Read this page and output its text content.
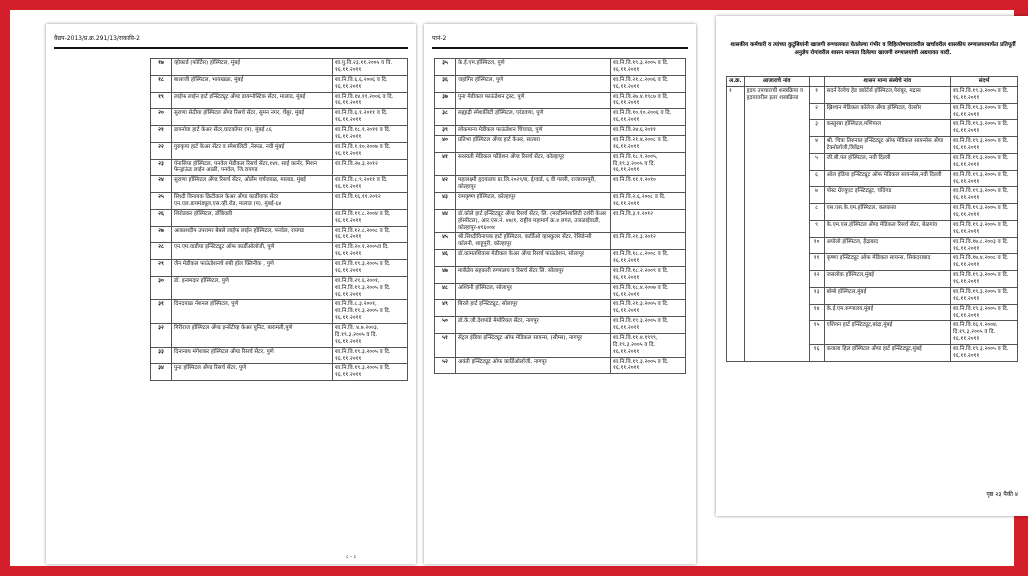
वैद्यप-2013/प्र.क्र.291/13/राकावि-2
१७	व्होकार्ड (फोर्टिस) हॉस्पिटल, मुंबई	शा.पु.वि.२३.११.२००५ व वि. १६.११.२०११
१८	बालाजी हॉस्पिटल, भायखळा, मुंबई	शा.नि.वि.६.६.२००६ व दि. १६.११.२०११
१९	लाईफ लाईन हार्ट इन्स्टिट्यूट अँण्ड डायग्नोस्टिक सेंटर, मालाड, मुंबई	शा.नि.वि.१४.११.२००६ व दि. १६.११.२०११
२०	सुराणा सेठीया हॉस्पिटल अँण्ड रिसर्च सेंटर, सुमन नगर, चेंबूर, मुंबई	शा.नि.वि.६.१.२०११ व दि. १६.११.२०११
२१	डायनोवा हार्ट केअर सेंटर,घाटकोपर (प), मुंबई ८६	शा.नि.वि.१८.१.२०११ व दि. १६.११.२०११
२२	गुरुकृपा हार्ट केअर सेंटर व स्पेशालिटी ,नेरूळ, नवी मुंबई	शा.नि.वि.१.१०.२००७ व दि. १६.११.२०११
२३	पॅनासिया हॉस्पिटल, पनवेल मेडीकल रिसर्च सेंटर,१४१, साई कार्नर, मिशन फेन्ड्रांऊंड लाईन आळी, पनवेल, जि.रायगड	शा.नि.वि.२७.३.२०१२
२४	सुराणा हॉस्पिटल अँण्ड रिसर्च सेंटर, ओर्लेम चर्चजवळ, मालाड, मुंबई	शा.नि.वि.८.९.२०११ व दि. १६.११.२०११
२५	सिध्दी विनायक क्रिटीकल केअर अँण्ड कार्डीयाक सेंटर एन.एल.डायमंड्यूल,एस.व्ही.रोड, मालाड (प), मुंबई-६४	शा.नि.वि.१६.११.२०१२
२६	शिरोडकर हॉस्पिटल, डोंबिवली	शा.नि.वि.१९.८.२००४ व दि. १६.११.२०११
२७	आकाशदीप उपरामर बेबले लाईफ लाईन हॉस्पिटल, पनवेल, रायगड	शा.नि.वि.१२.८.२००८ व दि. १६.११.२०११
२८	एन.एम.वाडीया इन्स्टिट्यूट ऑफ कार्डीओलॉजी, पुणे	शा.नि.वि.२०.१.२००५व दि. १६.११.२०११
२९	जैन मेडीकल फाऊंडेशनचे रुबी हॉल क्लिनीक , पुणे	शा.नि.वि.१९.३.२००५ व दि. १६.११.२०११
३०	डॉ. इनामदार हॉस्पिटल, पुणे	शा.नि.वि.२९.६.२००१, शा.नि.वि.१९.३.२००५ व दि. १६.११.२०११
३१	दिनदयाळ नॅशनल हॉस्पिटल, पुणे	शा.नि.वि.८.३.२००१, शा.नि.वि.१९.३.२००५ व दि. १६.११.२०११
३२	गिरीराज हॉस्पिटल अँण्ड इन्सेंटीव्ह केअर युनिट, बारामती,पुणे	शा.नि.वि. ४.७.२००३, दि.१९.३.२००५ व दि. १६.११.२०११
३३	दिनानाथ मंगेशकर हॉस्पिटल अँण्ड रिसर्च सेंटर, पुणे	शा.नि.वि.१९.३.२००५ व दि. १६.११.२०११
३४	पुना हॉस्पिटल अँण्ड रिसर्च सेंटर, पुणे	शा.नि.वि.१९.३.२००५ व दि. १६.११.२०११
८ - ८
पानं-2
३५	के.ई.एम.हॉस्पिटल, पुणे	शा.नि.वि.१९.३.२००५ व दि. १६.११.२०११
३६	जहांगिर हॉस्पिटल, पुणे	शा.नि.वि.२१.८.२००६ व दि. १६.११.२०११
३७	पुना मेडीकल फाऊंडेशन ट्रस्ट, पुणे	शा.नि.वि.२७.४.१९८७ व दि. १६.११.२०११
३८	सह्याद्री स्पेशालिटी हॉस्पिटल, एरंडवणा, पुणे	शा.नि.वि.१०.१०.२००६ व दि. १६.११.२०११
३९	लोकमान्य मेडीकल फाऊंडेशन चिंचवड, पुणे	शा.नि.वि.२४.६.२०११
४०	प्रतिभा हॉस्पिटल अँण्ड हार्ट केअर, सातारा	शा.नि.वि.२१.४.२००८ व दि. १६.११.२०११
४१	सरस्वती मेडिकल फौंडेशन अँण्ड रिसर्च सेंटर, कोल्हापूर	शा.नि.वि.१८.१.२००५, दि.१९.३.२००५ व दि. १६.११.२०११
४२	महालक्ष्मी हृदयालय प्रा.लि.२०२९/ब, ई/वार्ड, ६ वी गल्ली, राजारामपुरी, कोल्हापूर	शा.नि.वि.११.१.२०१०
४३	रामकृष्ण हॉस्पिटल, कोल्हापूर	शा.नि.वि.२.६.२००८ व दि. १६.११.२०११
४४	डॉ.कोले हार्ट इन्स्टिट्यूट अँण्ड रिसर्च सेंटर, लि. (मल्टीस्पेशालिटी टर्शरी केअर हॉस्पीटल), आर.एस.नं. ४७/१, राष्ट्रीय महामार्ग क्र.४ लगत, उजळाईवाडी, कोल्हापूर-४१६००४	शा.नि.वि.३.१.२०१२
४५	श्री.सिध्दीविनायक हार्ट हॉस्पिटल, कार्डिओ व्हास्कुलर सेंटर, रेसिडेन्सी कॉलनी, शाहूपुरी, कोल्हापूर	शा.नि.वि.२१.३.२०१२
४६	डॉ.कामतशिवास मेडीकल केअर अँण्ड रिसर्च फाऊंडेशन, सोलापूर	शा.नि.वि.१८.८.२००८ व दि. १६.११.२०११
४७	मार्कंडेय सहकारी रुग्णालय व रिसर्च सेंटर लि. सोलापूर	शा.नि.वि.१८.२.२००९ व दि. १६.११.२०११
४८	अश्विनी हॉस्पिटल, सोलापूर	शा.नि.वि.१८.४.२००७ व दि. १६.११.२०११
४९	बिरले हार्ट इन्स्टिट्यूट, सोलापूर	शा.नि.वि.२१.३.२००५ व दि. १६.११.२०११
५०	डॉ.के.जी.देशपांडे मेमोरियल सेंटर, नागपूर	शा.नि.वि.१९.३.२००५ व दि. १६.११.२०११
५१	सेंट्रल इंडिया इन्स्टिट्यूट ऑफ मेडिकल सायन्स, (सीम्स), नागपूर	शा.नि.वि.११.४.१९९९, दि.१९.३.२००५ व दि. १६.११.२०११
५२	अवंती इन्स्टिट्यूट ऑफ कार्डिओलॉजी, नागपूर	शा.नि.वि.१९.३.२००५ व दि. १६.११.२०११
शासकीय कर्मचारी व त्यांच्या कुटुंबियांनी खाजगी रुग्णालयात घेतलेल्या गंभीर व विहित्पोषचारावरील खर्चावरील शासकीय रुग्णालयामार्फत प्रतिपूर्ती अनुज्ञेय रोगांवरील शासन मान्यता दिलेल्या खाजगी रुग्णालयांची अद्ययावत यादी.
अ.क्र.	आजाराचे नांव		शासन मान्य संस्थेचे नांव	संदर्भ
१	हृदय उपचाराची शस्त्रक्रिया व हृदयावरील इतर शस्त्रक्रिया	१	सदर्न रेल्वेच हेड क्वॉर्टर्स हॉस्पिटल,पेरांबूर, मद्रास	शा.नि.वि.१९.३.२००५ व दि. १६.११.२०११
		२	ख्रिश्चन मेडिकल कॉलेज अँण्ड हॉस्पिटल, वेल्लोर	शा.नि.वि.१९.३.२००५ व दि. १६.११.२०११
		३	कस्तुरबा हॉस्पिटल,मणिपाल	शा.नि.वि.१९.३.२००५ व दि. १६.११.२०११
		४	श्री. चित्रा तिरुनाल इन्स्टिट्यूट ऑफ मेडिकल सायन्सेस अँण्ड टेक्नोलॉजी,त्रिवेंद्रम	शा.नि.वि.१९.३.२००५ व दि. १६.११.२०११
		५	जी.बी.पंत हॉस्पिटल, नवी दिल्ली	शा.नि.वि.१९.३.२००५ व दि. १६.११.२०११
		६	ऑल इंडिया इन्स्टिट्यूट ऑफ मेडिकल सायन्सेस,नवी दिल्ली	शा.नि.वि.१९.३.२००५ व दि. १६.११.२०११
		७	पोस्ट ग्रॅज्युएट इन्स्टिट्यूट, चंदिगड	शा.नि.वि.१९.३.२००५ व दि. १६.११.२०११
		८	एस.एस.के.एम.हॉस्पिटल, कलकत्ता	शा.नि.वि.१९.३.२००५ व दि. १६.११.२०११
		९	के.एम.एस.हॉस्पिटल अँण्ड मेडिकल रिसर्च सेंटर, बेळगांव	शा.नि.वि.१९.३.२००५ व दि. १६.११.२०११
		१०	अपोलो हॉस्पिटल, हैद्राबाद	शा.नि.वि.१७.८.२००३ व दि. १६.११.२०११
		११	कृष्णा इन्स्टिट्यूट ऑफ मेडिकल सायन्स, सिकंदराबाद	शा.नि.वि.१७.४.२००८ व दि. १६.११.२०११
		१२	जसलोक हॉस्पिटल,मुंबई	शा.नि.वि.१९.३.२००५ व दि. १६.११.२०११
		१३	बॉम्बे हॉस्पिटल,मुंबई	शा.नि.वि.१९.३.२००५ व दि. १६.११.२०११
		१४	के.ई.एम.रुग्णालय,मुंबई	शा.नि.वि.१९.३.२००५ व दि. १६.११.२०११
		१५	एशियन हार्ट इन्स्टिट्यूट,बांद्रा,मुंबई	शा.नि.वि.१६.१.२००४, दि.१९.३.२००५ व दि. १६.११.२०११
		१६	कवाला हिल हॉस्पिटल अँण्ड हार्ट इन्स्टिट्यूट,मुंबई	शा.नि.वि.१९.३.२००५ व दि. १६.११.२०११
पृष्ठ २३ पैकी ४
